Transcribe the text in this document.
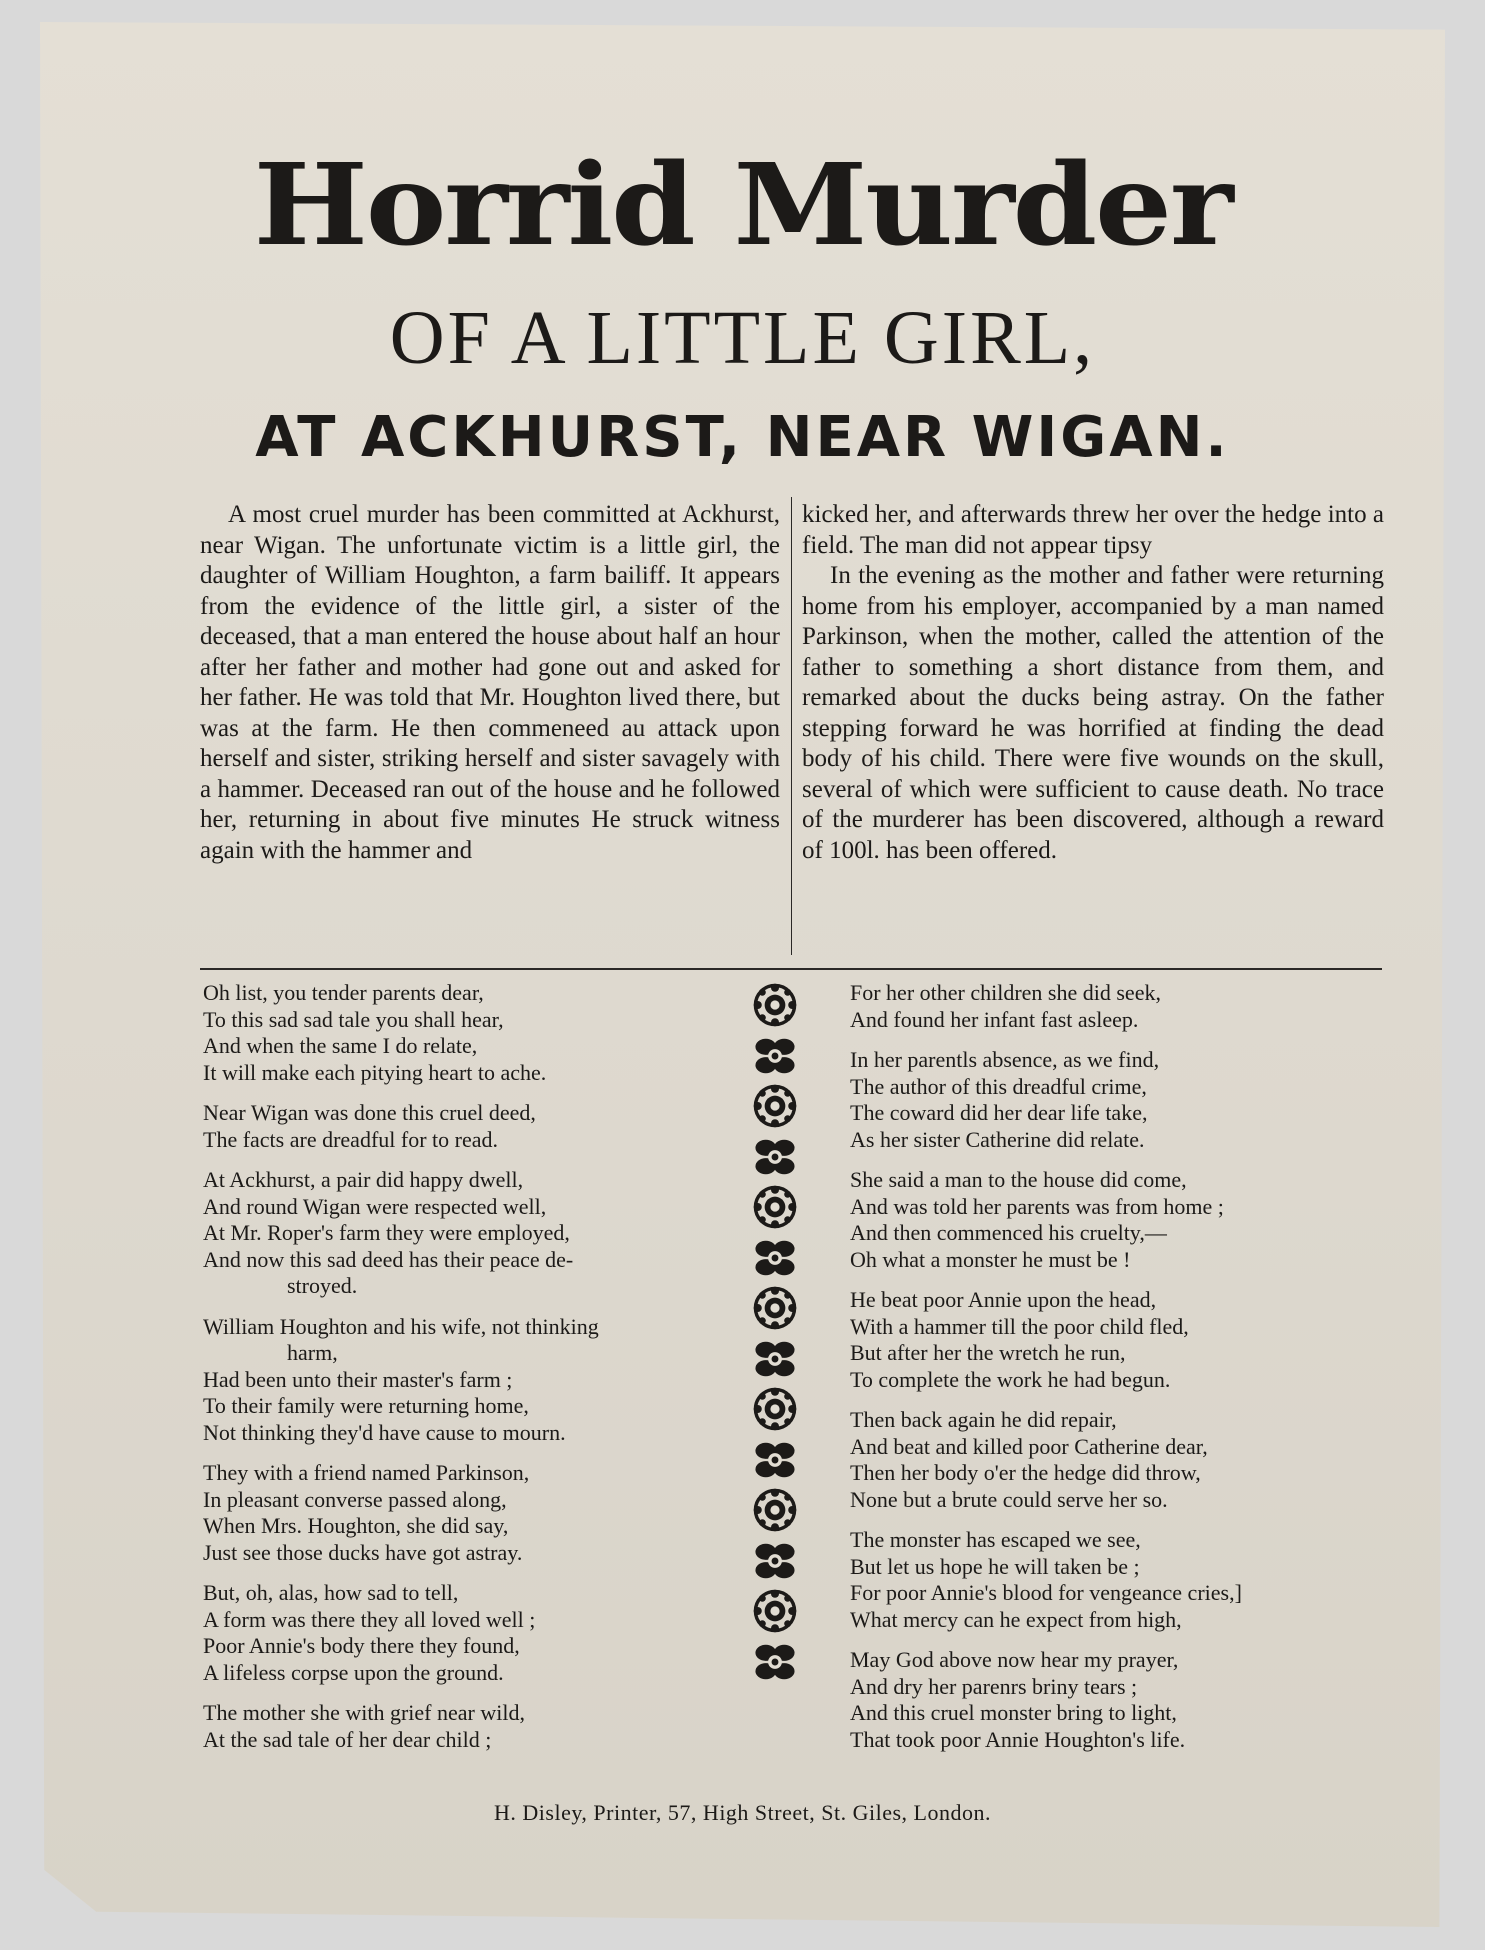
Horrid Murder
OF A LITTLE GIRL,
AT ACKHURST, NEAR WIGAN.

A most cruel murder has been committed at Ackhurst, near Wigan. The unfortunate victim is a little girl, the daughter of William Houghton, a farm bailiff. It appears from the evidence of the little girl, a sister of the deceased, that a man entered the house about half an hour after her father and mother had gone out and asked for her father. He was told that Mr. Houghton lived there, but was at the farm. He then commeneed au attack upon herself and sister, striking herself and sister savagely with a hammer. Deceased ran out of the house and he followed her, returning in about five minutes He struck witness again with the hammer and

kicked her, and afterwards threw her over the hedge into a field. The man did not appear tipsy

In the evening as the mother and father were returning home from his employer, accompanied by a man named Parkinson, when the mother, called the attention of the father to something a short distance from them, and remarked about the ducks being astray. On the father stepping forward he was horrified at finding the dead body of his child. There were five wounds on the skull, several of which were sufficient to cause death. No trace of the murderer has been discovered, although a reward of 100l. has been offered.

Oh list, you tender parents dear,
To this sad sad tale you shall hear,
And when the same I do relate,
It will make each pitying heart to ache.
Near Wigan was done this cruel deed,
The facts are dreadful for to read.
At Ackhurst, a pair did happy dwell,
And round Wigan were respected well,
At Mr. Roper's farm they were employed,
And now this sad deed has their peace de-
stroyed.
William Houghton and his wife, not thinking
harm,
Had been unto their master's farm ;
To their family were returning home,
Not thinking they'd have cause to mourn.
They with a friend named Parkinson,
In pleasant converse passed along,
When Mrs. Houghton, she did say,
Just see those ducks have got astray.
But, oh, alas, how sad to tell,
A form was there they all loved well ;
Poor Annie's body there they found,
A lifeless corpse upon the ground.
The mother she with grief near wild,
At the sad tale of her dear child ;
For her other children she did seek,
And found her infant fast asleep.
In her parentls absence, as we find,
The author of this dreadful crime,
The coward did her dear life take,
As her sister Catherine did relate.
She said a man to the house did come,
And was told her parents was from home ;
And then commenced his cruelty,—
Oh what a monster he must be !
He beat poor Annie upon the head,
With a hammer till the poor child fled,
But after her the wretch he run,
To complete the work he had begun.
Then back again he did repair,
And beat and killed poor Catherine dear,
Then her body o'er the hedge did throw,
None but a brute could serve her so.
The monster has escaped we see,
But let us hope he will taken be ;
For poor Annie's blood for vengeance cries,]
What mercy can he expect from high,
May God above now hear my prayer,
And dry her parenrs briny tears ;
And this cruel monster bring to light,
That took poor Annie Houghton's life.
H. Disley, Printer, 57, High Street, St. Giles, London.
